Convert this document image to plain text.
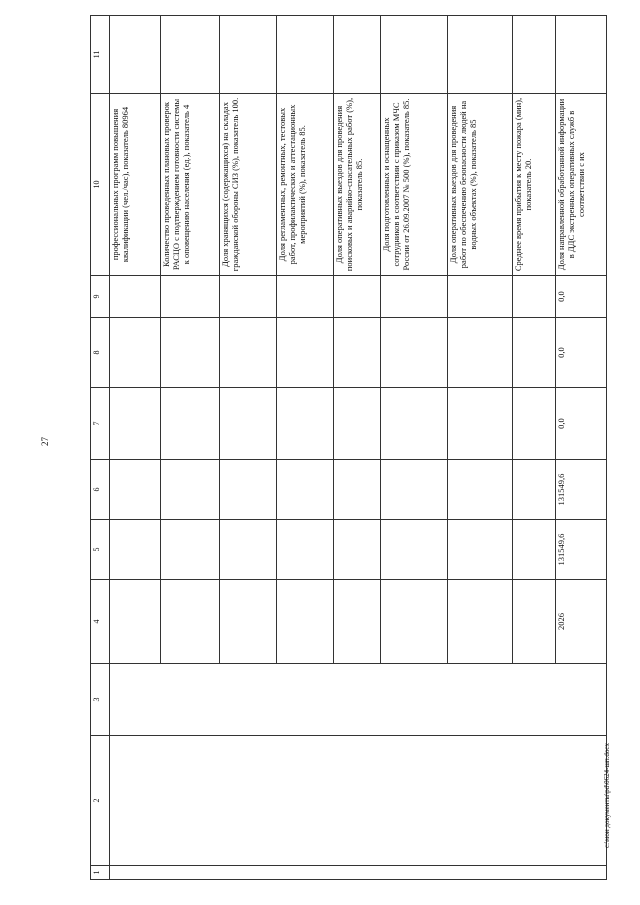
27
1	2	3	4	5	6	7	8	9	10	11
									профессиональных программ повышения квалификации (чел./час), показатель 80964	
									Количество проведенных плановых проверок РАСЦО с подтверждением готовности системы к оповещению населения (ед.), показатель 4	
									Доля хранящихся (содержащихся) на складах гражданской обороны СИЗ (%), показатель 100.	
									Доля регламентных, ремонтных, тестовых работ, профилактических и аттестационных мероприятий (%), показатель 85.	
									Доля оперативных выездов для проведения поисковых и аварийно-спасательных работ (%), показатель 85.	
									Доля подготовленных и оснащенных сотрудников в соответствии с приказом МЧС России от 26.09.2007 № 500 (%), показатель 85.	
									Доля оперативных выездов для проведения работ по обеспечению безопасности людей на водных объектах (%), показатель 85	
									Среднее время прибытия к месту пожара (мин), показатель 20.	
			2026	131549,6	131549,6	0,0	0,0	0,0	Доля направленной обработанной информации в ДДС экстренных оперативных служб в соответствии с их	
c:\мои документы\pd\0624-шп.docx
